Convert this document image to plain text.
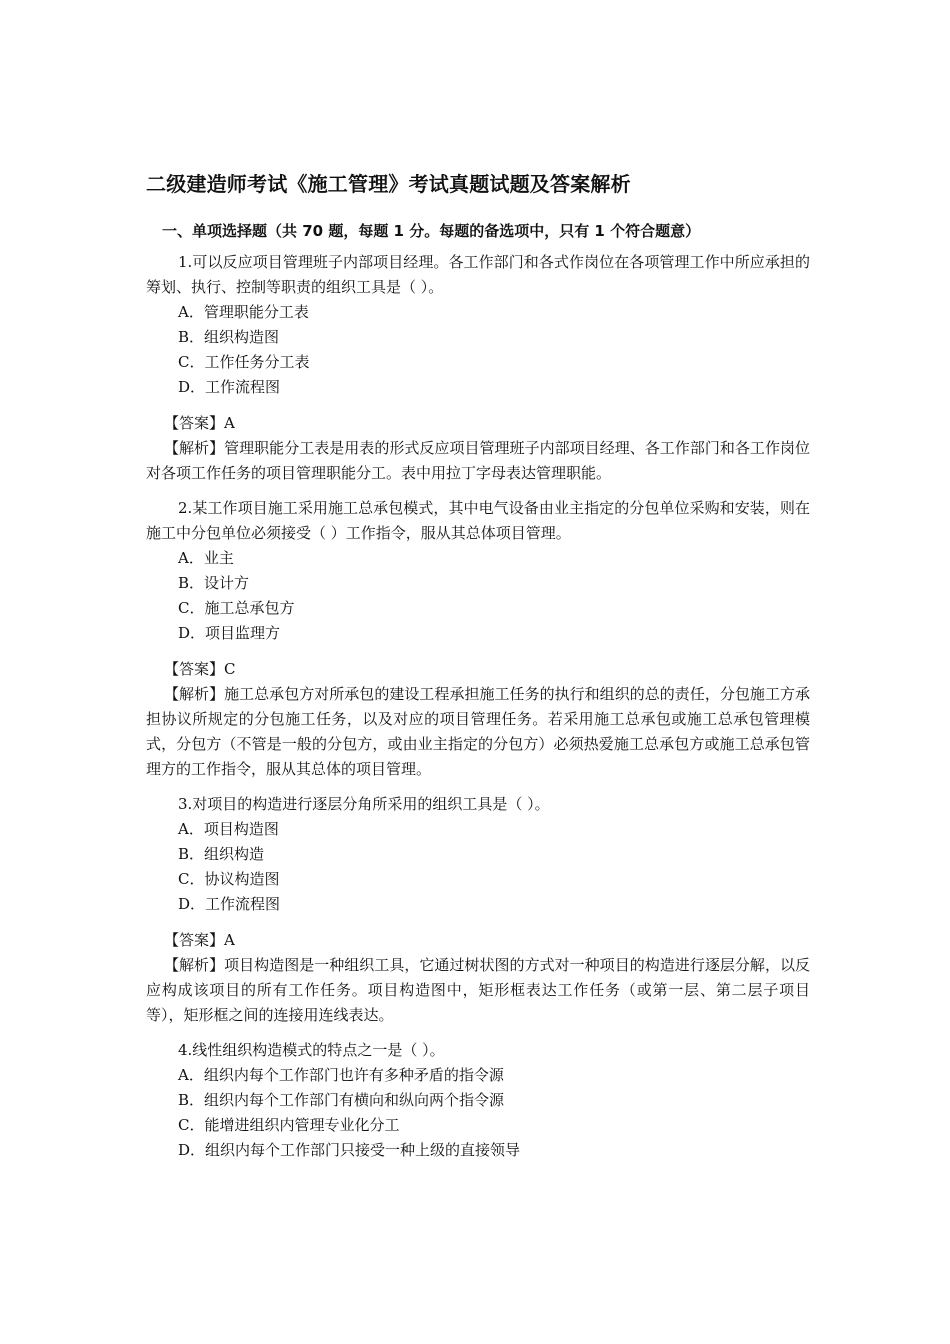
二级建造师考试《施工管理》考试真题试题及答案解析
一、单项选择题（共 70 题，每题 1 分。每题的备选项中，只有 1 个符合题意）

1.可以反应项目管理班子内部项目经理。各工作部门和各式作岗位在各项管理工作中所应承担的筹划、执行、控制等职责的组织工具是（ ）。

A．管理职能分工表
B．组织构造图
C．工作任务分工表
D．工作流程图

【答案】A

【解析】管理职能分工表是用表的形式反应项目管理班子内部项目经理、各工作部门和各工作岗位对各项工作任务的项目管理职能分工。表中用拉丁字母表达管理职能。

2.某工作项目施工采用施工总承包模式，其中电气设备由业主指定的分包单位采购和安装，则在施工中分包单位必须接受（ ）工作指令，服从其总体项目管理。

A．业主
B．设计方
C．施工总承包方
D．项目监理方

【答案】C

【解析】施工总承包方对所承包的建设工程承担施工任务的执行和组织的总的责任，分包施工方承担协议所规定的分包施工任务，以及对应的项目管理任务。若采用施工总承包或施工总承包管理模式，分包方（不管是一般的分包方，或由业主指定的分包方）必须热爱施工总承包方或施工总承包管理方的工作指令，服从其总体的项目管理。

3.对项目的构造进行逐层分角所采用的组织工具是（ ）。

A．项目构造图
B．组织构造
C．协议构造图
D．工作流程图

【答案】A

【解析】项目构造图是一种组织工具，它通过树状图的方式对一种项目的构造进行逐层分解，以反应构成该项目的所有工作任务。项目构造图中，矩形框表达工作任务（或第一层、第二层子项目等），矩形框之间的连接用连线表达。

4.线性组织构造模式的特点之一是（ ）。

A．组织内每个工作部门也许有多种矛盾的指令源
B．组织内每个工作部门有横向和纵向两个指令源
C．能增进组织内管理专业化分工
D．组织内每个工作部门只接受一种上级的直接领导
